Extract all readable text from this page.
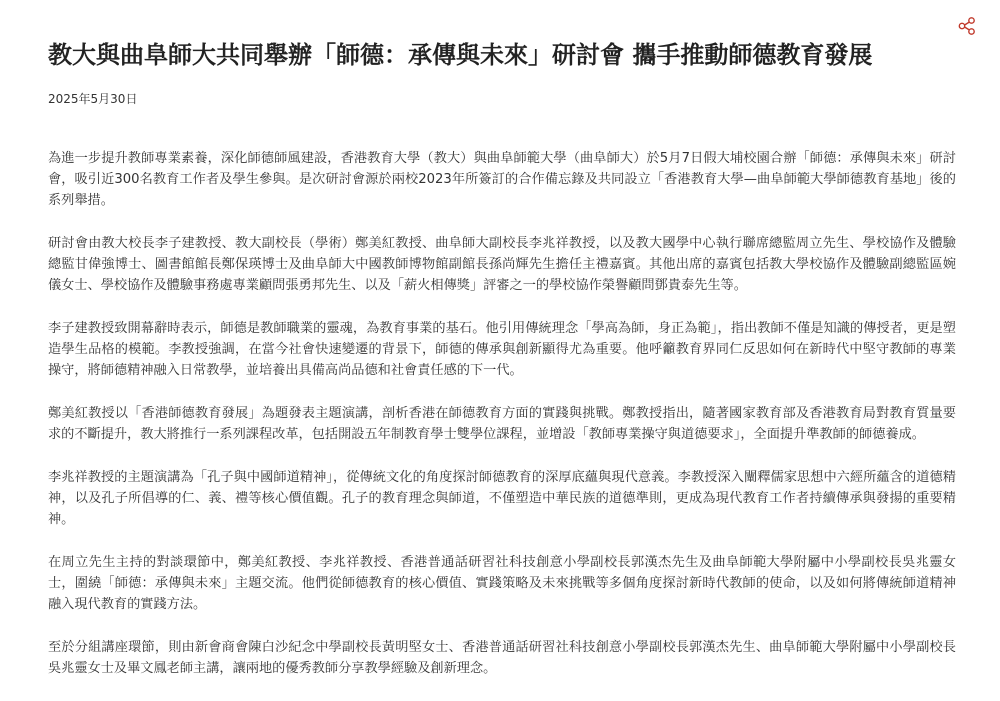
教大與曲阜師大共同舉辦「師德：承傳與未來」研討會 攜手推動師德教育發展
2025年5月30日

為進一步提升教師專業素養，深化師德師風建設，香港教育大學（教大）與曲阜師範大學（曲阜師大）於5月7日假大埔校園合辦「師德：承傳與未來」研討會，吸引近300名教育工作者及學生參與。是次研討會源於兩校2023年所簽訂的合作備忘錄及共同設立「香港教育大學—曲阜師範大學師德教育基地」後的系列舉措。

研討會由教大校長李子建教授、教大副校長（學術）鄭美紅教授、曲阜師大副校長李兆祥教授，以及教大國學中心執行聯席總監周立先生、學校協作及體驗總監甘偉強博士、圖書館館長鄭保瑛博士及曲阜師大中國教師博物館副館長孫尚輝先生擔任主禮嘉賓。其他出席的嘉賓包括教大學校協作及體驗副總監區婉儀女士、學校協作及體驗事務處專業顧問張勇邦先生、以及「薪火相傳獎」評審之一的學校協作榮譽顧問鄧貴泰先生等。

李子建教授致開幕辭時表示，師德是教師職業的靈魂，為教育事業的基石。他引用傳統理念「學高為師，身正為範」，指出教師不僅是知識的傳授者，更是塑造學生品格的模範。李教授強調，在當今社會快速變遷的背景下，師德的傳承與創新顯得尤為重要。他呼籲教育界同仁反思如何在新時代中堅守教師的專業操守，將師德精神融入日常教學，並培養出具備高尚品德和社會責任感的下一代。

鄭美紅教授以「香港師德教育發展」為題發表主題演講，剖析香港在師德教育方面的實踐與挑戰。鄭教授指出，隨著國家教育部及香港教育局對教育質量要求的不斷提升，教大將推行一系列課程改革，包括開設五年制教育學士雙學位課程，並增設「教師專業操守與道德要求」，全面提升準教師的師德養成。

李兆祥教授的主題演講為「孔子與中國師道精神」，從傳統文化的角度探討師德教育的深厚底蘊與現代意義。李教授深入闡釋儒家思想中六經所蘊含的道德精神，以及孔子所倡導的仁、義、禮等核心價值觀。孔子的教育理念與師道，不僅塑造中華民族的道德準則，更成為現代教育工作者持續傳承與發揚的重要精神。

在周立先生主持的對談環節中，鄭美紅教授、李兆祥教授、香港普通話研習社科技創意小學副校長郭漢杰先生及曲阜師範大學附屬中小學副校長吳兆靈女士，圍繞「師德：承傳與未來」主題交流。他們從師德教育的核心價值、實踐策略及未來挑戰等多個角度探討新時代教師的使命，以及如何將傳統師道精神融入現代教育的實踐方法。

至於分組講座環節，則由新會商會陳白沙紀念中學副校長黃明堅女士、香港普通話研習社科技創意小學副校長郭漢杰先生、曲阜師範大學附屬中小學副校長吳兆靈女士及畢文鳳老師主講，讓兩地的優秀教師分享教學經驗及創新理念。
